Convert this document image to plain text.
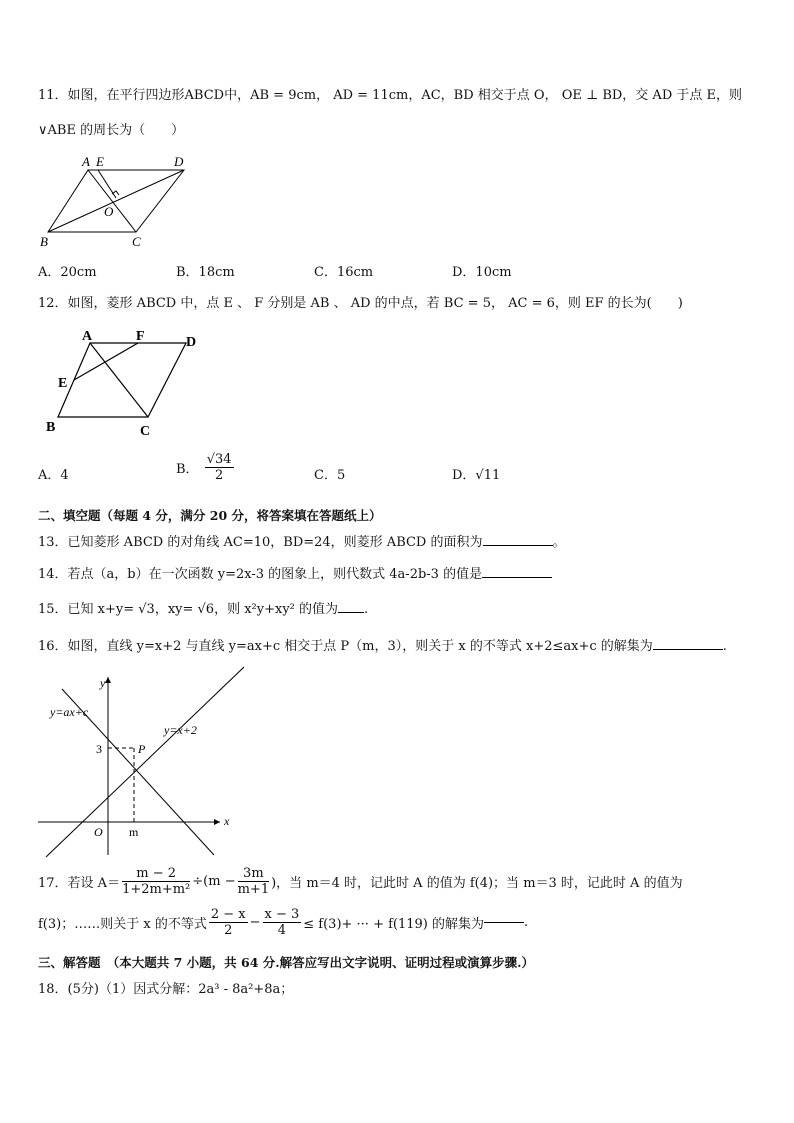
11．如图，在平行四边形ABCD中，AB = 9cm， AD = 11cm，AC，BD 相交于点 O， OE ⊥ BD，交 AD 于点 E，则
∨ABE 的周长为（　　）
A E	D
O
B	C
A．20cm	B．18cm	C．16cm	D．10cm
12．如图，菱形 ABCD 中，点 E 、 F 分别是 AB 、 AD 的中点，若 BC = 5， AC = 6，则 EF 的长为(　　)
A	F	D
E
B	C
A．4	B． $\frac{√34}{2}$	C．5	D．√11
二、填空题（每题 4 分，满分 20 分，将答案填在答题纸上）
13．已知菱形 ABCD 的对角线 AC=10，BD=24，则菱形 ABCD 的面积为	。
14．若点（a，b）在一次函数 y=2x-3 的图象上，则代数式 4a-2b-3 的值是
15．已知 x+y= √3，xy= √6，则 x²y+xy² 的值为 .
16．如图，直线 y=x+2 与直线 y=ax+c 相交于点 P（m，3），则关于 x 的不等式 x+2≤ax+c 的解集为	.
y
x
O m
3	P
y=ax+c
y=x+2
17．若设 $A= \frac{m - 2}{\text{1+2m+m²}} \div(m - \frac{3m}{m+1}$ )，当 m＝4 时，记此时 A 的值为 f(4)；当 m＝3 时，记此时 A 的值为
f(3)；……则关于 x 的不等式 $\frac{2 - x}{2} - \frac{x - 3}{4} \le f(3)+$ ··· + f(119) 的解集为	.
三、解答题　（本大题共 7 小题，共 64 分.解答应写出文字说明、证明过程或演算步骤.）
18．(5分)（1）因式分解：2a³ - 8a²+8a；
